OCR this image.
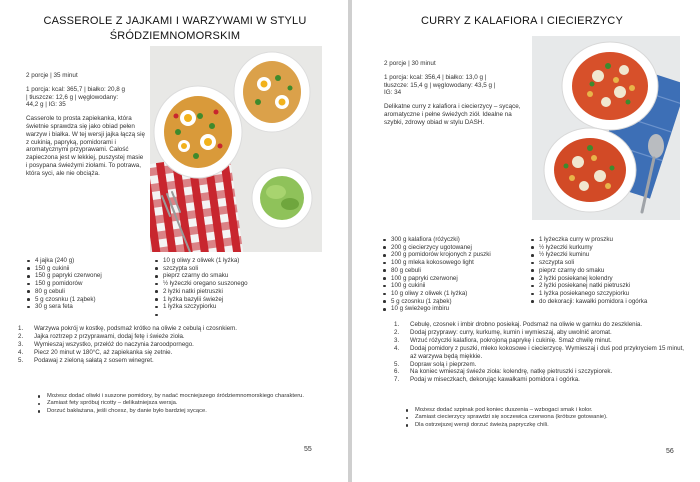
CASSEROLE Z JAJKAMI I WARZYWAMI W STYLU ŚRÓDZIEMNOMORSKIM
2 porcje | 35 minut
1 porcja: kcal: 365,7 | białko: 20,8 g
| tłuszcze: 12,6 g | węglowodany:
44,2 g | IG: 35
Casserole to prosta zapiekanka, która świetnie sprawdza się jako obiad pełen warzyw i białka. W tej wersji jajka łączą się z cukinią, papryką, pomidorami i aromatycznymi przyprawami. Całość zapieczona jest w lekkiej, puszystej masie i posypana świeżymi ziołami. To potrawa, która syci, ale nie obciąża.
4 jajka (240 g)
150 g cukinii
150 g papryki czerwonej
150 g pomidorów
80 g cebuli
5 g czosnku (1 ząbek)
30 g sera feta
10 g oliwy z oliwek (1 łyżka)
szczypta soli
pieprz czarny do smaku
½ łyżeczki oregano suszonego
2 łyżki natki pietruszki
1 łyżka bazylii świeżej
1 łyżka szczypiorku
Warzywa pokrój w kostkę, podsmaż krótko na oliwie z cebulą i czosnkiem.
Jajka roztrzep z przyprawami, dodaj fetę i świeże zioła.
Wymieszaj wszystko, przełóż do naczynia żaroodpornego.
Piecz 20 minut w 180°C, aż zapiekanka się zetnie.
Podawaj z zieloną sałatą z sosem winegret.
Możesz dodać oliwki i suszone pomidory, by nadać mocniejszego śródziemnomorskiego charakteru.
Zamiast fety spróbuj ricotty – delikatniejsza wersja.
Dorzuć bakłażana, jeśli chcesz, by danie było bardziej sycące.
55
CURRY Z KALAFIORA I CIECIERZYCY
2 porcje | 30 minut
1 porcja: kcal: 356,4 | białko: 13,0 g |
tłuszcze: 15,4 g | węglowodany: 43,5 g |
IG: 34
Delikatne curry z kalafiora i ciecierzycy – sycące, aromatyczne i pełne świeżych ziół. Idealne na szybki, zdrowy obiad w stylu DASH.
300 g kalafiora (różyczki)
200 g ciecierzycy ugotowanej
200 g pomidorów krojonych z puszki
100 g mleka kokosowego light
80 g cebuli
100 g papryki czerwonej
100 g cukinii
10 g oliwy z oliwek (1 łyżka)
5 g czosnku (1 ząbek)
10 g świeżego imbiru
1 łyżeczka curry w proszku
½ łyżeczki kurkumy
½ łyżeczki kuminu
szczypta soli
pieprz czarny do smaku
2 łyżki posiekanej kolendry
2 łyżki posiekanej natki pietruszki
1 łyżka posiekanego szczypiorku
do dekoracji: kawałki pomidora i ogórka
Cebulę, czosnek i imbir drobno posiekaj. Podsmaż na oliwie w garnku do zeszklenia.
Dodaj przyprawy: curry, kurkumę, kumin i wymieszaj, aby uwolnić aromat.
Wrzuć różyczki kalafiora, pokrojoną paprykę i cukinię. Smaż chwilę minut.
Dodaj pomidory z puszki, mleko kokosowe i ciecierzycę. Wymieszaj i duś pod przykryciem 15 minut, aż warzywa będą miękkie.
Dopraw solą i pieprzem.
Na koniec wmieszaj świeże zioła: kolendrę, natkę pietruszki i szczypiorek.
Podaj w miseczkach, dekorując kawałkami pomidora i ogórka.
Możesz dodać szpinak pod koniec duszenia – wzbogaci smak i kolor.
Zamiast ciecierzycy sprawdzi się soczewica czerwona (krótsze gotowanie).
Dla ostrzejszej wersji dorzuć świeżą papryczkę chili.
56
